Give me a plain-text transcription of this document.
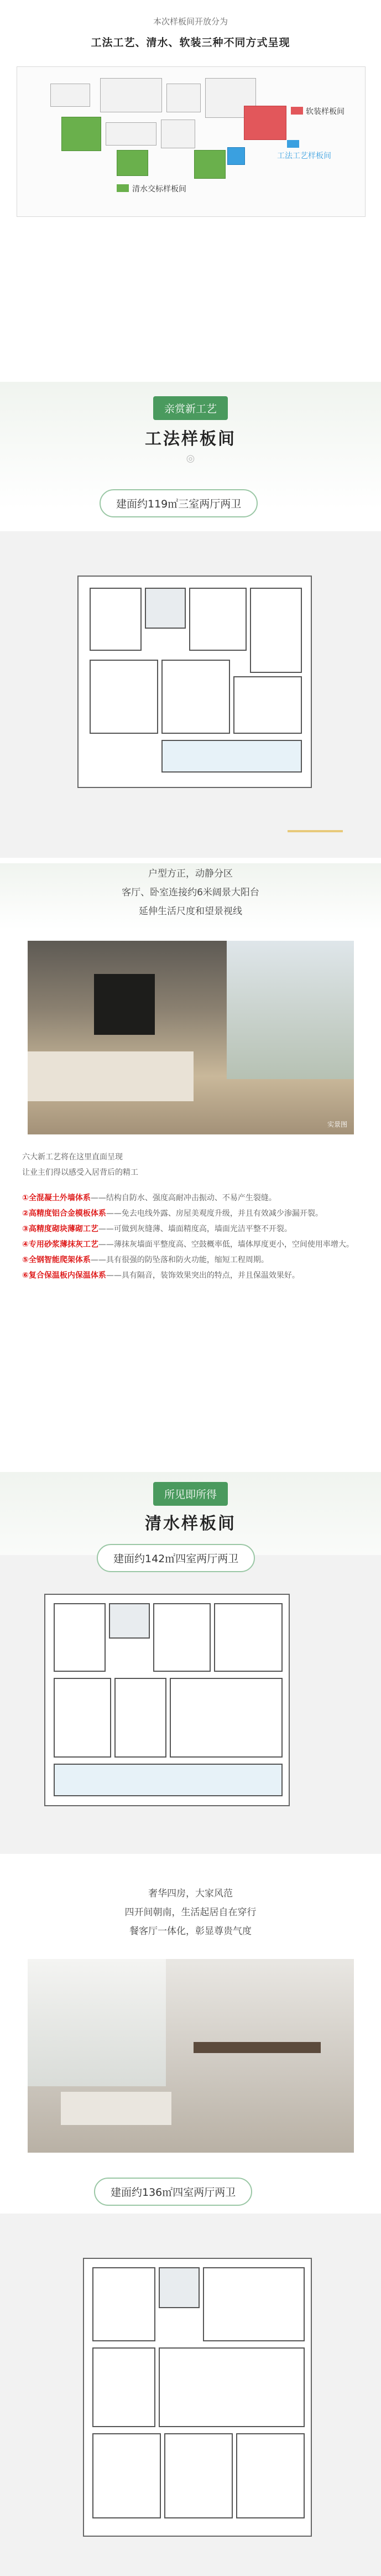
本次样板间开放分为
工法工艺、清水、软装三种不同方式呈现
软装样板间
工法工艺样板间
清水交标样板间
亲赏新工艺
工法样板间
◎
建面约119㎡三室两厅两卫

户型方正，动静分区

客厅、卧室连接约6米阔景大阳台

延伸生活尺度和望景视线

实景图

六大新工艺将在这里直面呈现

让业主们得以感受入居背后的精工

①全混凝土外墙体系——结构自防水、强度高耐冲击振动、不易产生裂缝。

②高精度铝合金模板体系——免去电线外露、房屋美观度升级，并且有效减少渗漏开裂。

③高精度砌块薄砌工艺——可做到灰缝薄、墙面精度高，墙面光洁平整不开裂。

④专用砂浆薄抹灰工艺——薄抹灰墙面平整度高、空鼓概率低，墙体厚度更小，空间使用率增大。

⑤全钢智能爬架体系——具有很强的防坠落和防火功能，缩短工程周期。

⑥复合保温板内保温体系——具有隔音，装饰效果突出的特点，并且保温效果好。

所见即所得
清水样板间
建面约142㎡四室两厅两卫

奢华四房，大家风范

四开间朝南，生活起居自在穿行

餐客厅一体化，彰显尊贵气度

建面约136㎡四室两厅两卫
